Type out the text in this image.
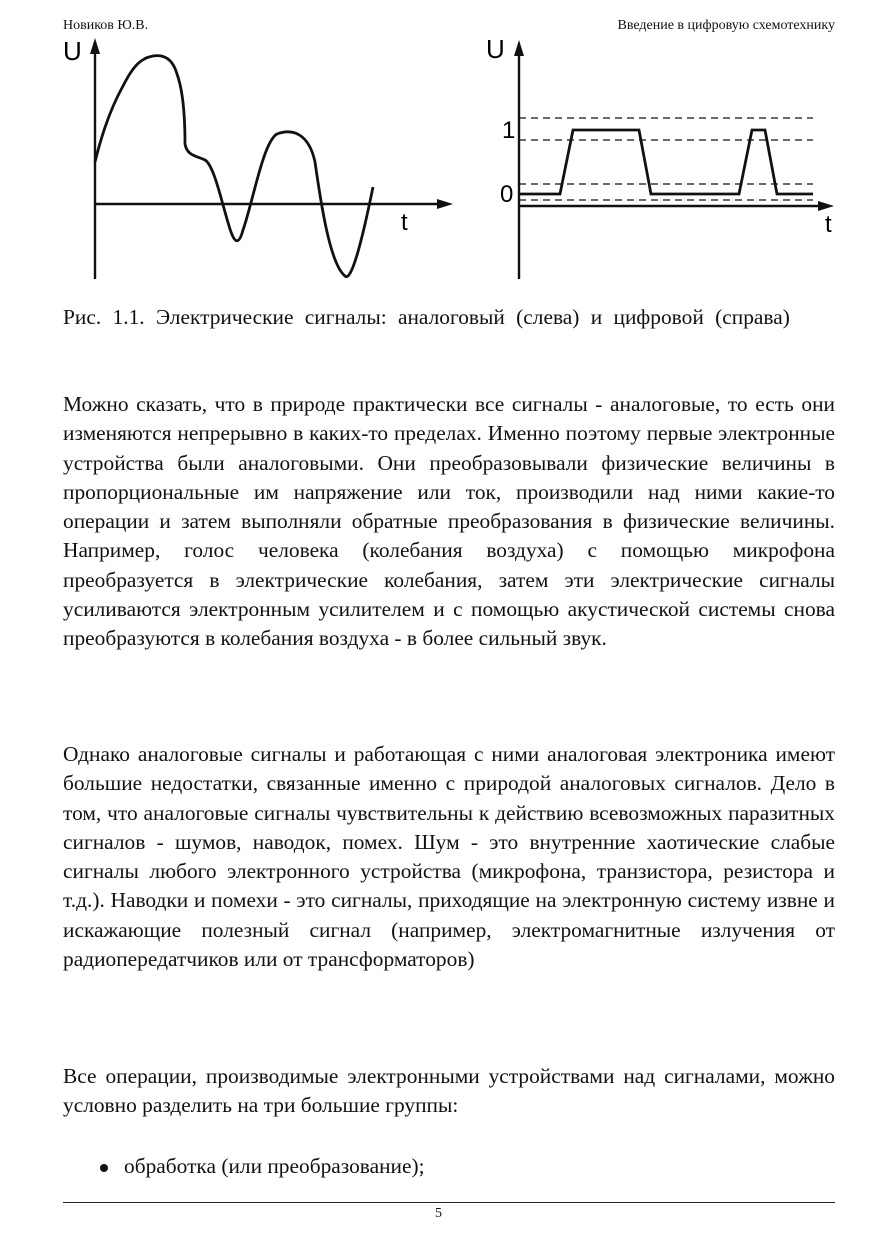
Новиков Ю.В.	Введение в цифровую схемотехнику
U
t
U
t
1
0

Рис. 1.1. Электрические сигналы: аналоговый (слева) и цифровой (справа)

Можно сказать, что в природе практически все сигналы - аналоговые, то есть они изменяются непрерывно в каких-то пределах. Именно поэтому первые электронные устройства были аналоговыми. Они преобразовывали физические величины в пропорциональные им напряжение или ток, производили над ними какие-то операции и затем выполняли обратные преобразования в физические величины. Например, голос человека (колебания воздуха) с помощью микрофона преобразуется в электрические колебания, затем эти электрические сигналы усиливаются электронным усилителем и с помощью акустической системы снова преобразуются в колебания воздуха - в более сильный звук.

Однако аналоговые сигналы и работающая с ними аналоговая электроника имеют большие недостатки, связанные именно с природой аналоговых сигналов. Дело в том, что аналоговые сигналы чувствительны к действию всевозможных паразитных сигналов - шумов, наводок, помех. Шум - это внутренние хаотические слабые сигналы любого электронного устройства (микрофона, транзистора, резистора и т.д.). Наводки и помехи - это сигналы, приходящие на электронную систему извне и искажающие полезный сигнал (например, электромагнитные излучения от радиопередатчиков или от трансформаторов)

Все операции, производимые электронными устройствами над сигналами, можно условно разделить на три большие группы:

обработка (или преобразование);
5
